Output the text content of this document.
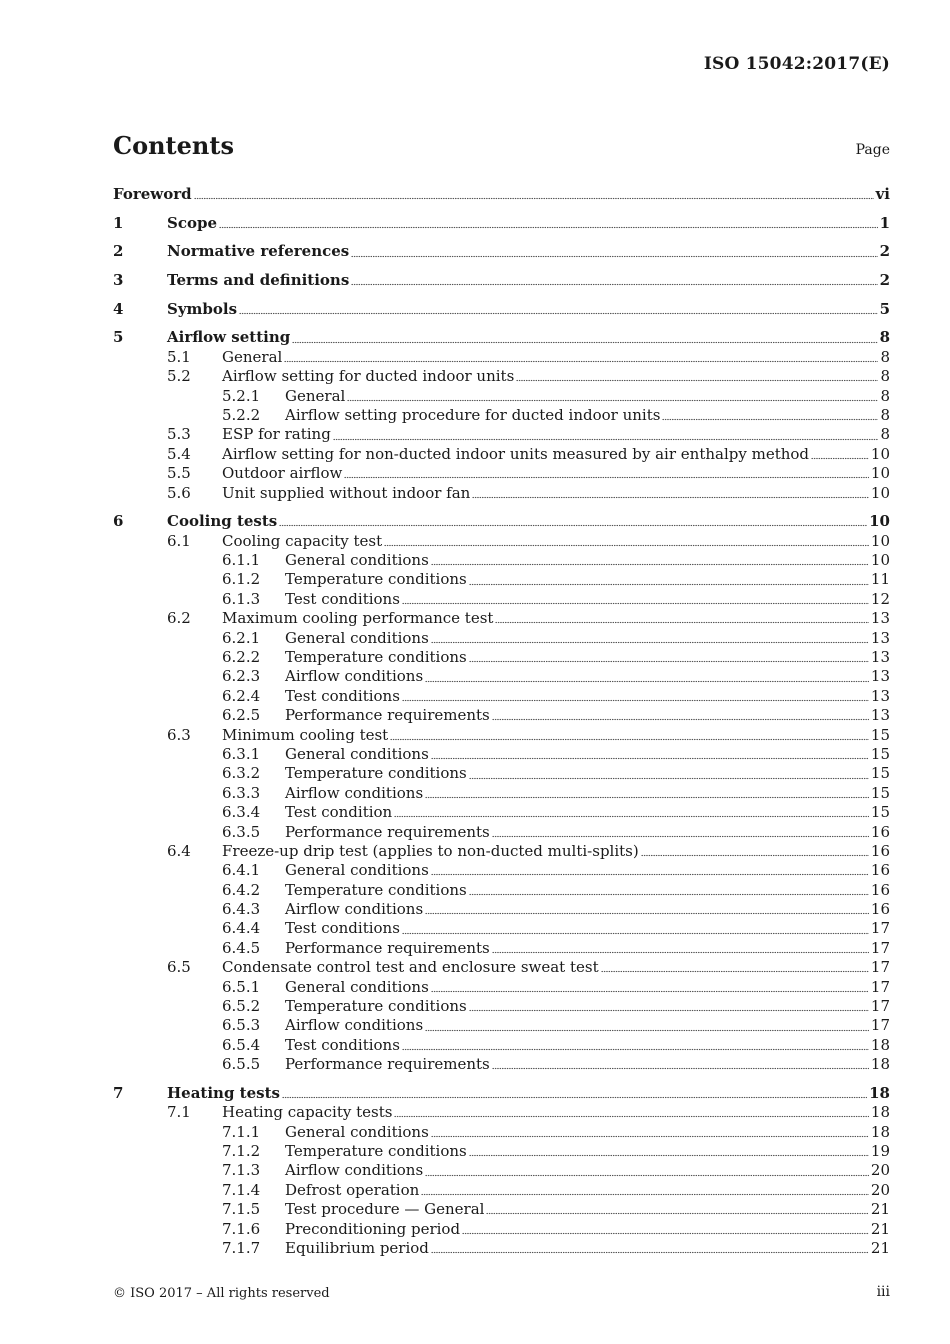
ISO 15042:2017(E)
Contents	Page
Foreword	vi
1	Scope	1
2	Normative references	2
3	Terms and definitions	2
4	Symbols	5
5	Airflow setting	8
5.1	General	8
5.2	Airflow setting for ducted indoor units	8
5.2.1	General	8
5.2.2	Airflow setting procedure for ducted indoor units	8
5.3	ESP for rating	8
5.4	Airflow setting for non-ducted indoor units measured by air enthalpy method	10
5.5	Outdoor airflow	10
5.6	Unit supplied without indoor fan	10
6	Cooling tests	10
6.1	Cooling capacity test	10
6.1.1	General conditions	10
6.1.2	Temperature conditions	11
6.1.3	Test conditions	12
6.2	Maximum cooling performance test	13
6.2.1	General conditions	13
6.2.2	Temperature conditions	13
6.2.3	Airflow conditions	13
6.2.4	Test conditions	13
6.2.5	Performance requirements	13
6.3	Minimum cooling test	15
6.3.1	General conditions	15
6.3.2	Temperature conditions	15
6.3.3	Airflow conditions	15
6.3.4	Test condition	15
6.3.5	Performance requirements	16
6.4	Freeze-up drip test (applies to non-ducted multi-splits)	16
6.4.1	General conditions	16
6.4.2	Temperature conditions	16
6.4.3	Airflow conditions	16
6.4.4	Test conditions	17
6.4.5	Performance requirements	17
6.5	Condensate control test and enclosure sweat test	17
6.5.1	General conditions	17
6.5.2	Temperature conditions	17
6.5.3	Airflow conditions	17
6.5.4	Test conditions	18
6.5.5	Performance requirements	18
7	Heating tests	18
7.1	Heating capacity tests	18
7.1.1	General conditions	18
7.1.2	Temperature conditions	19
7.1.3	Airflow conditions	20
7.1.4	Defrost operation	20
7.1.5	Test procedure — General	21
7.1.6	Preconditioning period	21
7.1.7	Equilibrium period	21
© ISO 2017 – All rights reserved	iii
